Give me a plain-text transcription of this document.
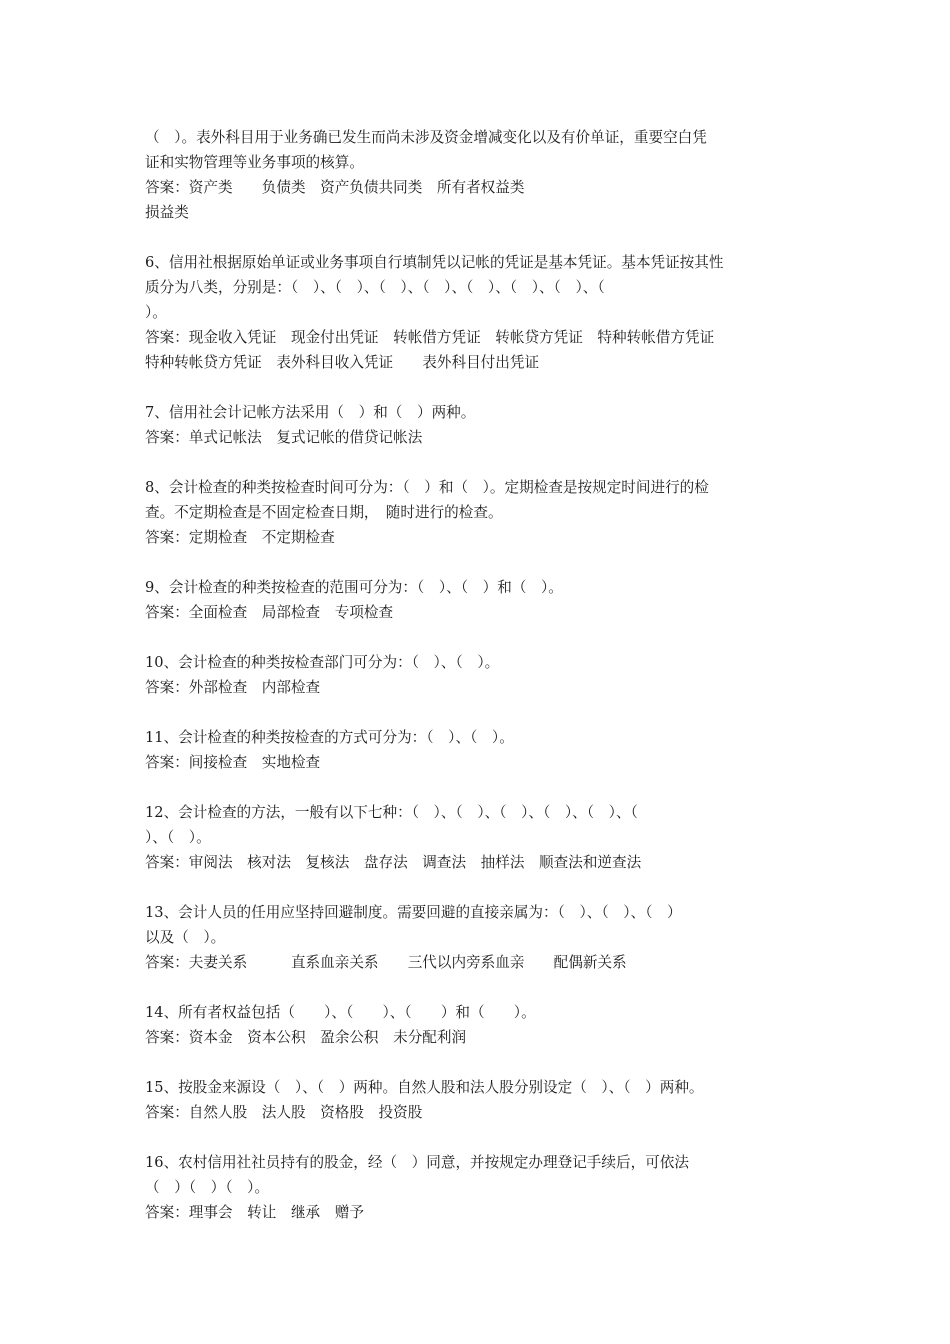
（　）。表外科目用于业务确已发生而尚未涉及资金增减变化以及有价单证，重要空白凭
证和实物管理等业务事项的核算。
答案：资产类　　负债类　资产负债共同类　所有者权益类
损益类
6、信用社根据原始单证或业务事项自行填制凭以记帐的凭证是基本凭证。基本凭证按其性
质分为八类，分别是：（　）、（　）、（　）、（　）、（　）、（　）、（　）、（
）。
答案：现金收入凭证　现金付出凭证　转帐借方凭证　转帐贷方凭证　特种转帐借方凭证
特种转帐贷方凭证　表外科目收入凭证　　表外科目付出凭证
7、信用社会计记帐方法采用（　）和（　）两种。
答案：单式记帐法　复式记帐的借贷记帐法
8、会计检查的种类按检查时间可分为：（　）和（　）。定期检查是按规定时间进行的检
查。不定期检查是不固定检查日期，　随时进行的检查。
答案：定期检查　不定期检查
9、会计检查的种类按检查的范围可分为：（　）、（　）和（　）。
答案：全面检查　局部检查　专项检查
10、会计检查的种类按检查部门可分为：（　）、（　）。
答案：外部检查　内部检查
11、会计检查的种类按检查的方式可分为：（　）、（　）。
答案：间接检查　实地检查
12、会计检查的方法，一般有以下七种：（　）、（　）、（　）、（　）、（　）、（
）、（　）。
答案：审阅法　核对法　复核法　盘存法　调查法　抽样法　顺查法和逆查法
13、会计人员的任用应坚持回避制度。需要回避的直接亲属为：（　）、（　）、（　）
以及（　）。
答案：夫妻关系　　　直系血亲关系　　三代以内旁系血亲　　配偶新关系
14、所有者权益包括（　　）、（　　）、（　　）和（　　）。
答案：资本金　资本公积　盈余公积　未分配利润
15、按股金来源设（　）、（　）两种。自然人股和法人股分别设定（　）、（　）两种。
答案：自然人股　法人股　资格股　投资股
16、农村信用社社员持有的股金，经（　）同意，并按规定办理登记手续后，可依法
（　）（　）（　）。
答案：理事会　转让　继承　赠予
